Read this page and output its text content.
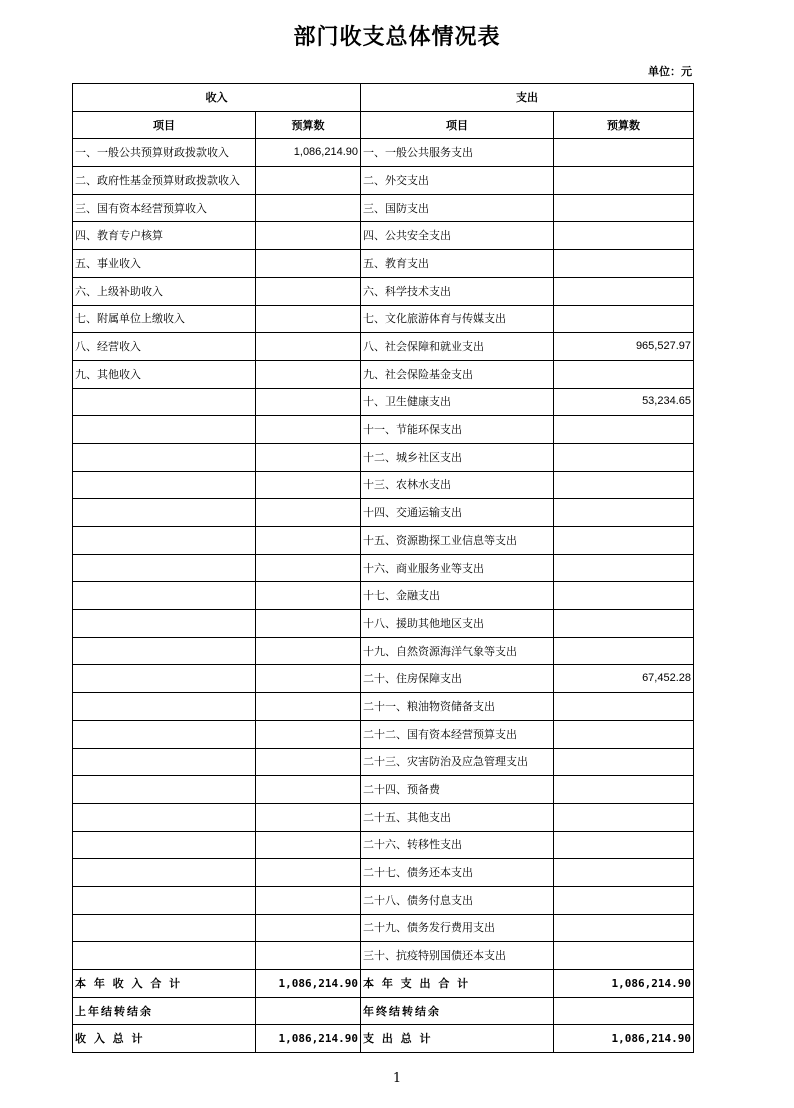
部门收支总体情况表
单位：元
收入		支出	
项目	预算数	项目	预算数
一、一般公共预算财政拨款收入	1,086,214.90	一、一般公共服务支出	
二、政府性基金预算财政拨款收入		二、外交支出	
三、国有资本经营预算收入		三、国防支出	
四、教育专户核算		四、公共安全支出	
五、事业收入		五、教育支出	
六、上级补助收入		六、科学技术支出	
七、附属单位上缴收入		七、文化旅游体育与传媒支出	
八、经营收入		八、社会保障和就业支出	965,527.97
九、其他收入		九、社会保险基金支出	
		十、卫生健康支出	53,234.65
		十一、节能环保支出	
		十二、城乡社区支出	
		十三、农林水支出	
		十四、交通运输支出	
		十五、资源勘探工业信息等支出	
		十六、商业服务业等支出	
		十七、金融支出	
		十八、援助其他地区支出	
		十九、自然资源海洋气象等支出	
		二十、住房保障支出	67,452.28
		二十一、粮油物资储备支出	
		二十二、国有资本经营预算支出	
		二十三、灾害防治及应急管理支出	
		二十四、预备费	
		二十五、其他支出	
		二十六、转移性支出	
		二十七、债务还本支出	
		二十八、债务付息支出	
		二十九、债务发行费用支出	
		三十、抗疫特别国债还本支出	
本 年 收 入 合 计	1,086,214.90	本 年 支 出 合 计	1,086,214.90
上年结转结余		年终结转结余	
收 入 总 计	1,086,214.90	支 出 总 计	1,086,214.90
1
